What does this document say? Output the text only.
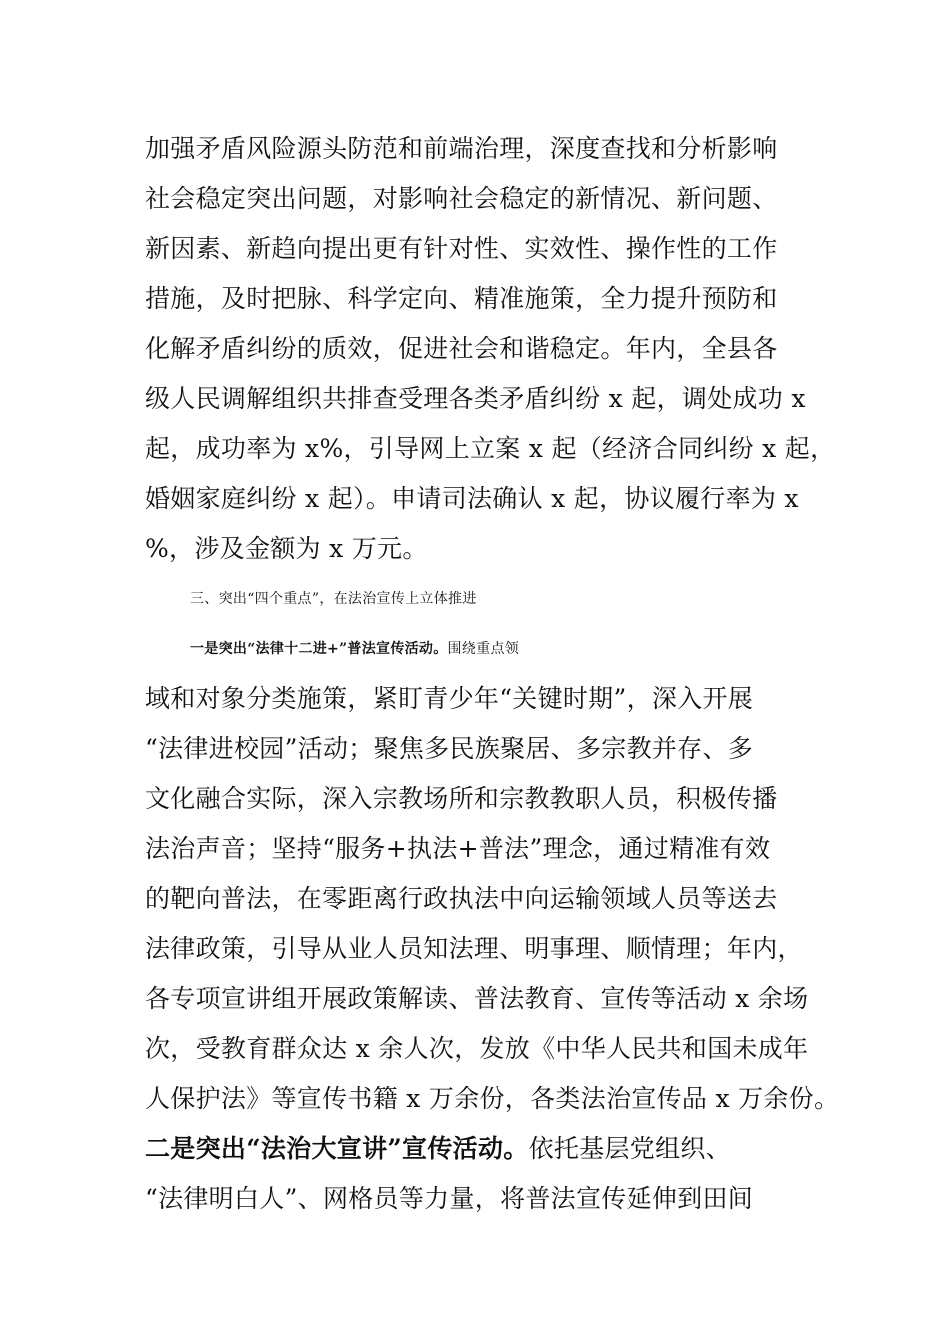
加强矛盾风险源头防范和前端治理，深度查找和分析影响
社会稳定突出问题，对影响社会稳定的新情况、新问题、
新因素、新趋向提出更有针对性、实效性、操作性的工作
措施，及时把脉、科学定向、精准施策，全力提升预防和
化解矛盾纠纷的质效，促进社会和谐稳定。年内，全县各
级人民调解组织共排查受理各类矛盾纠纷 x 起，调处成功 x
起，成功率为 x%，引导网上立案 x 起（经济合同纠纷 x 起，
婚姻家庭纠纷 x 起）。申请司法确认 x 起，协议履行率为 x
%，涉及金额为 x 万元。
三、突出“四个重点”，在法治宣传上立体推进
一是突出“法律十二进+”普法宣传活动。围绕重点领
域和对象分类施策，紧盯青少年“关键时期”，深入开展
“法律进校园”活动；聚焦多民族聚居、多宗教并存、多
文化融合实际，深入宗教场所和宗教教职人员，积极传播
法治声音；坚持“服务+执法+普法”理念，通过精准有效
的靶向普法，在零距离行政执法中向运输领域人员等送去
法律政策，引导从业人员知法理、明事理、顺情理；年内，
各专项宣讲组开展政策解读、普法教育、宣传等活动 x 余场
次，受教育群众达 x 余人次，发放《中华人民共和国未成年
人保护法》等宣传书籍 x 万余份，各类法治宣传品 x 万余份。
二是突出“法治大宣讲”宣传活动。依托基层党组织、
“法律明白人”、网格员等力量，将普法宣传延伸到田间
